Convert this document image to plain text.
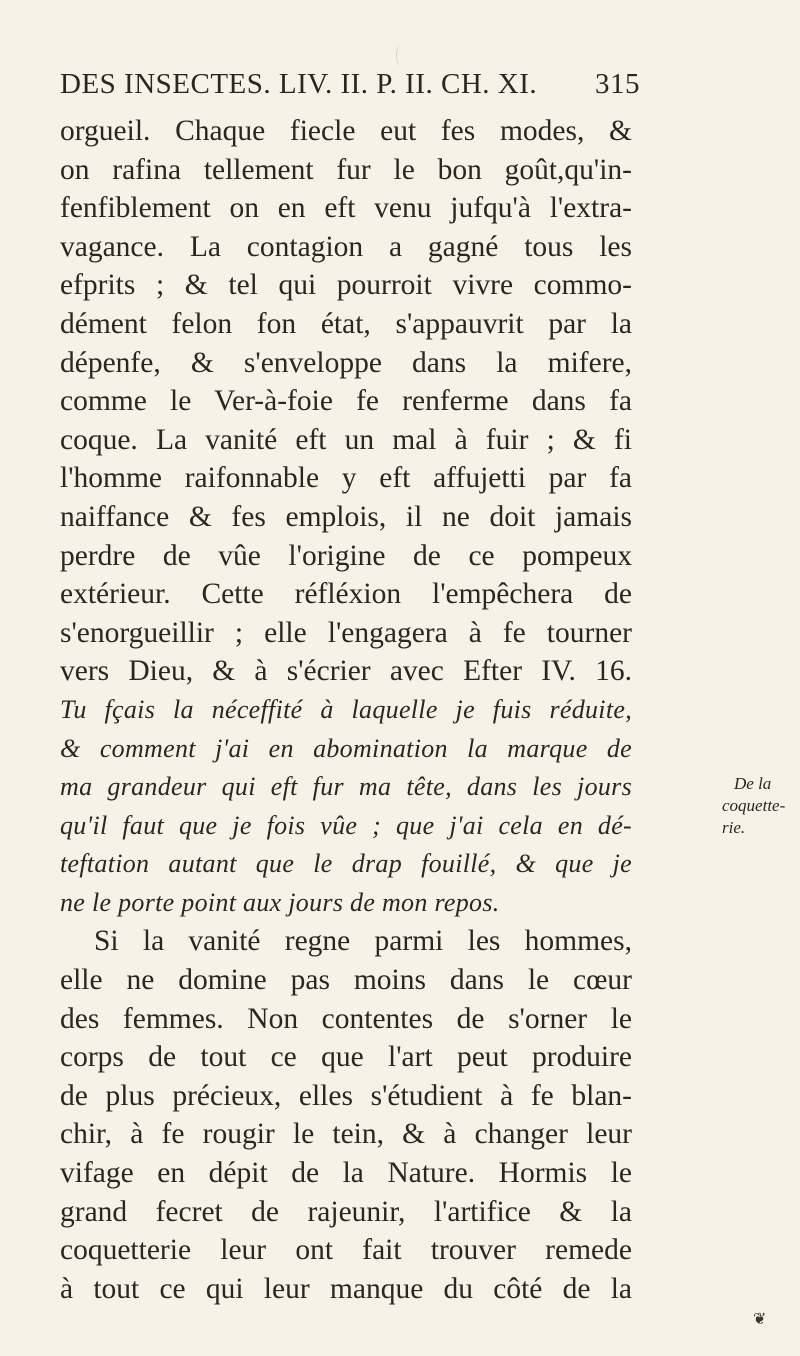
DES INSECTES. LIV. II. P. II. CH. XI. 315
orgueil. Chaque fiecle eut fes modes, &
on rafina tellement fur le bon goût,qu'in-
fenfiblement on en eft venu jufqu'à l'extra-
vagance. La contagion a gagné tous les
efprits ; & tel qui pourroit vivre commo-
dément felon fon état, s'appauvrit par la
dépenfe, & s'enveloppe dans la mifere,
comme le Ver-à-foie fe renferme dans fa
coque. La vanité eft un mal à fuir ; & fi
l'homme raifonnable y eft affujetti par fa
naiffance & fes emplois, il ne doit jamais
perdre de vûe l'origine de ce pompeux
extérieur. Cette réfléxion l'empêchera de
s'enorgueillir ; elle l'engagera à fe tourner
vers Dieu, & à s'écrier avec Efter IV. 16.
Tu fçais la néceffité à laquelle je fuis réduite,
& comment j'ai en abomination la marque de
ma grandeur qui eft fur ma tête, dans les jours
qu'il faut que je fois vûe ; que j'ai cela en dé-
teftation autant que le drap fouillé, & que je
ne le porte point aux jours de mon repos.
Si la vanité regne parmi les hommes,
elle ne domine pas moins dans le cœur
des femmes. Non contentes de s'orner le
corps de tout ce que l'art peut produire
de plus précieux, elles s'étudient à fe blan-
chir, à fe rougir le tein, & à changer leur
vifage en dépit de la Nature. Hormis le
grand fecret de rajeunir, l'artifice & la
coquetterie leur ont fait trouver remede
à tout ce qui leur manque du côté de la
De la
coquette-
rie.
❦
